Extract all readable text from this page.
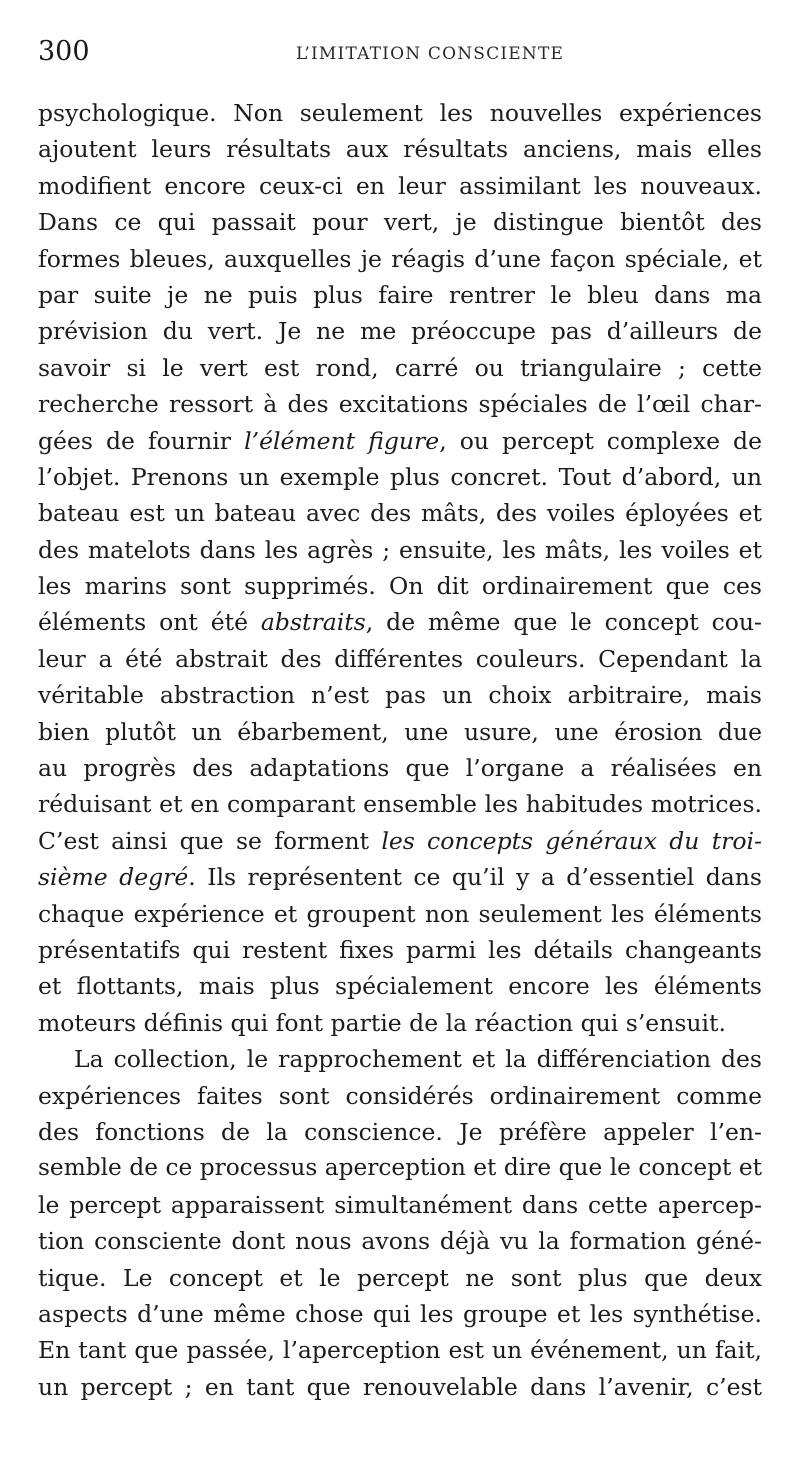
300	L’IMITATION CONSCIENTE
psychologique. Non seulement les nouvelles expériences
ajoutent leurs résultats aux résultats anciens, mais elles
modifient encore ceux-ci en leur assimilant les nouveaux.
Dans ce qui passait pour vert, je distingue bientôt des
formes bleues, auxquelles je réagis d’une façon spéciale, et
par suite je ne puis plus faire rentrer le bleu dans ma
prévision du vert. Je ne me préoccupe pas d’ailleurs de
savoir si le vert est rond, carré ou triangulaire ; cette
recherche ressort à des excitations spéciales de l’œil char-
gées de fournir l’élément figure, ou percept complexe de
l’objet. Prenons un exemple plus concret. Tout d’abord, un
bateau est un bateau avec des mâts, des voiles éployées et
des matelots dans les agrès ; ensuite, les mâts, les voiles et
les marins sont supprimés. On dit ordinairement que ces
éléments ont été abstraits, de même que le concept cou-
leur a été abstrait des différentes couleurs. Cependant la
véritable abstraction n’est pas un choix arbitraire, mais
bien plutôt un ébarbement, une usure, une érosion due
au progrès des adaptations que l’organe a réalisées en
réduisant et en comparant ensemble les habitudes motrices.
C’est ainsi que se forment les concepts généraux du troi-
sième degré. Ils représentent ce qu’il y a d’essentiel dans
chaque expérience et groupent non seulement les éléments
présentatifs qui restent fixes parmi les détails changeants
et flottants, mais plus spécialement encore les éléments
moteurs définis qui font partie de la réaction qui s’ensuit.
La collection, le rapprochement et la différenciation des
expériences faites sont considérés ordinairement comme
des fonctions de la conscience. Je préfère appeler l’en-
semble de ce processus aperception et dire que le concept et
le percept apparaissent simultanément dans cette apercep-
tion consciente dont nous avons déjà vu la formation géné-
tique. Le concept et le percept ne sont plus que deux
aspects d’une même chose qui les groupe et les synthétise.
En tant que passée, l’aperception est un événement, un fait,
un percept ; en tant que renouvelable dans l’avenir, c’est
